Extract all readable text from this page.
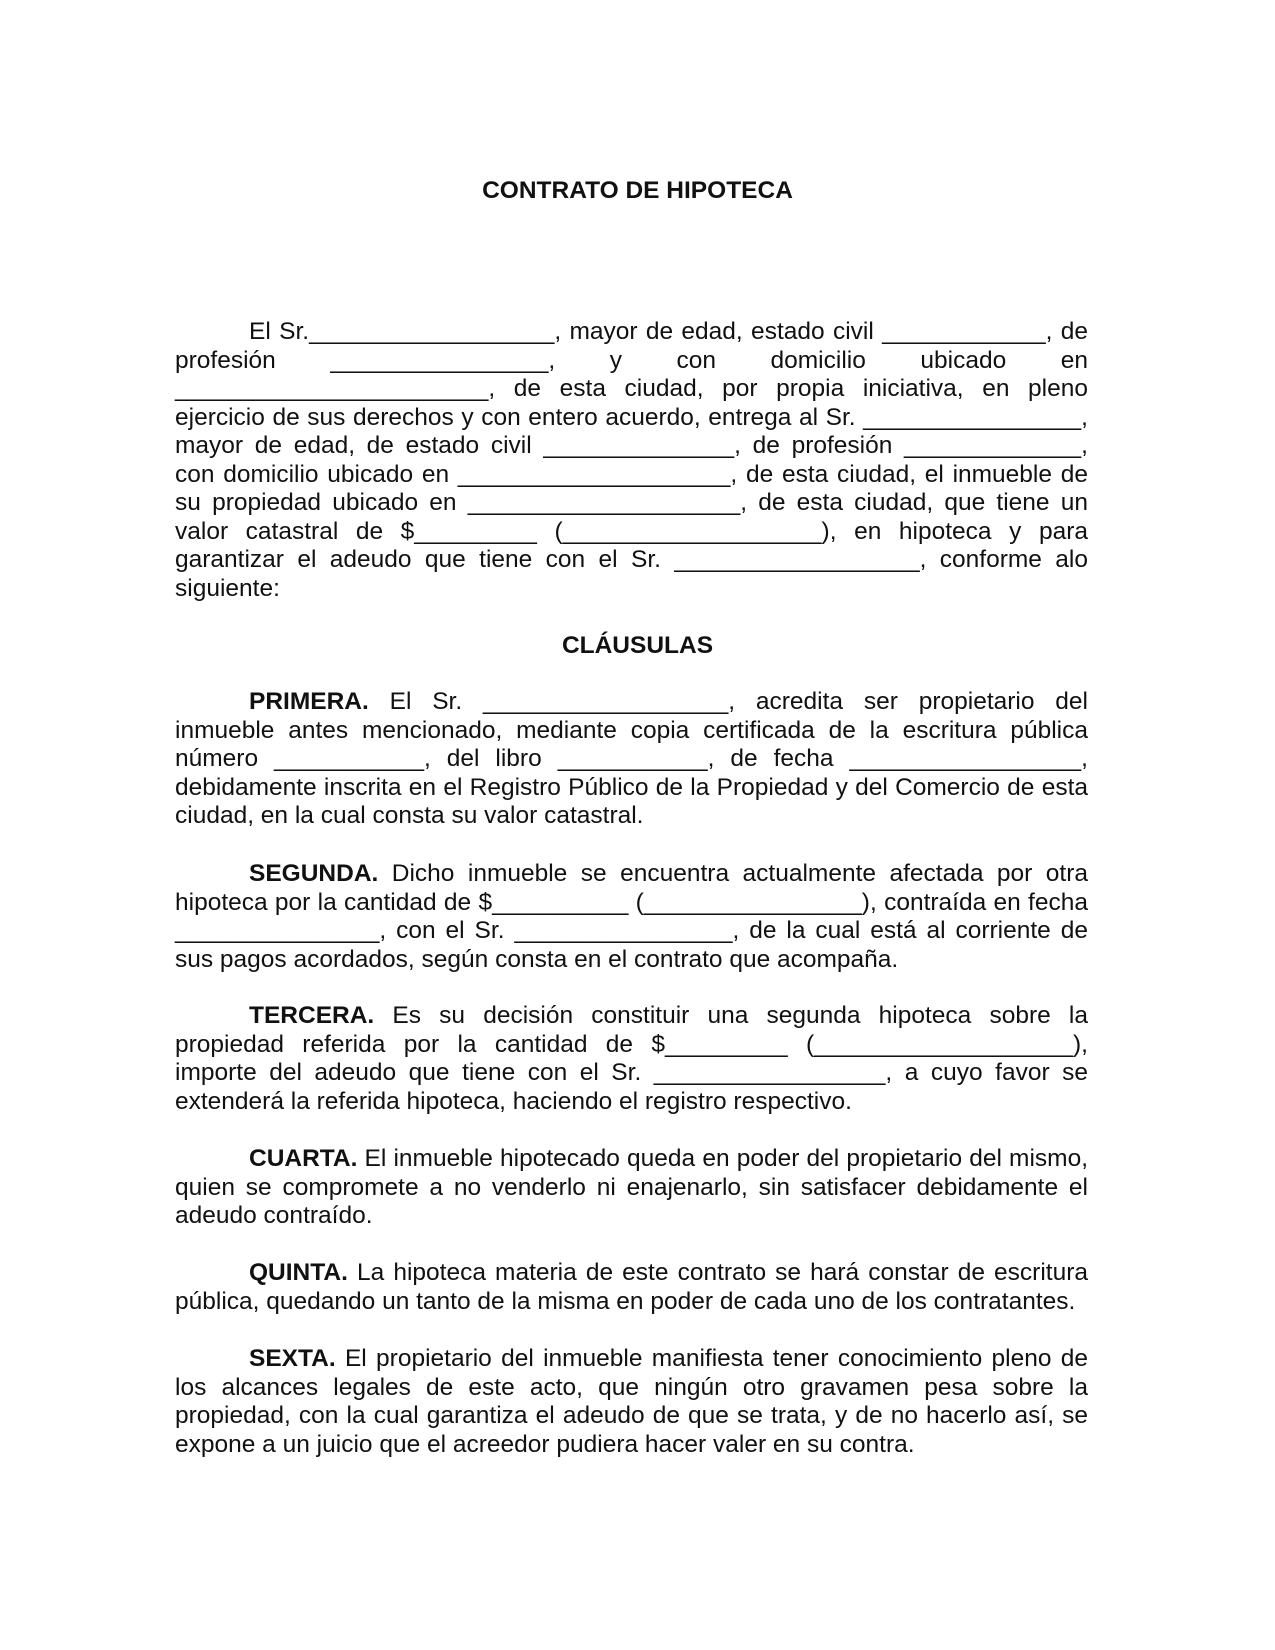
CONTRATO DE HIPOTECA

El Sr.__________________, mayor de edad, estado civil ____________, de profesión ________________, y con domicilio ubicado en _______________________, de esta ciudad, por propia iniciativa, en pleno ejercicio de sus derechos y con entero acuerdo, entrega al Sr. ________________, mayor de edad, de estado civil ______________, de profesión _____________, con domicilio ubicado en ____________________, de esta ciudad, el inmueble de su propiedad ubicado en ____________________, de esta ciudad, que tiene un valor catastral de $_________ (___________________), en hipoteca y para garantizar el adeudo que tiene con el Sr. __________________, conforme alo siguiente:

CLÁUSULAS

PRIMERA. El Sr. __________________, acredita ser propietario del inmueble antes mencionado, mediante copia certificada de la escritura pública número ___________, del libro ___________, de fecha _________________, debidamente inscrita en el Registro Público de la Propiedad y del Comercio de esta ciudad, en la cual consta su valor catastral.

SEGUNDA. Dicho inmueble se encuentra actualmente afectada por otra hipoteca por la cantidad de $__________ (________________), contraída en fecha _______________, con el Sr. ________________, de la cual está al corriente de sus pagos acordados, según consta en el contrato que acompaña.

TERCERA. Es su decisión constituir una segunda hipoteca sobre la propiedad referida por la cantidad de $_________ (___________________), importe del adeudo que tiene con el Sr. _________________, a cuyo favor se extenderá la referida hipoteca, haciendo el registro respectivo.

CUARTA. El inmueble hipotecado queda en poder del propietario del mismo, quien se compromete a no venderlo ni enajenarlo, sin satisfacer debidamente el adeudo contraído.

QUINTA. La hipoteca materia de este contrato se hará constar de escritura pública, quedando un tanto de la misma en poder de cada uno de los contratantes.

SEXTA. El propietario del inmueble manifiesta tener conocimiento pleno de los alcances legales de este acto, que ningún otro gravamen pesa sobre la propiedad, con la cual garantiza el adeudo de que se trata, y de no hacerlo así, se expone a un juicio que el acreedor pudiera hacer valer en su contra.
